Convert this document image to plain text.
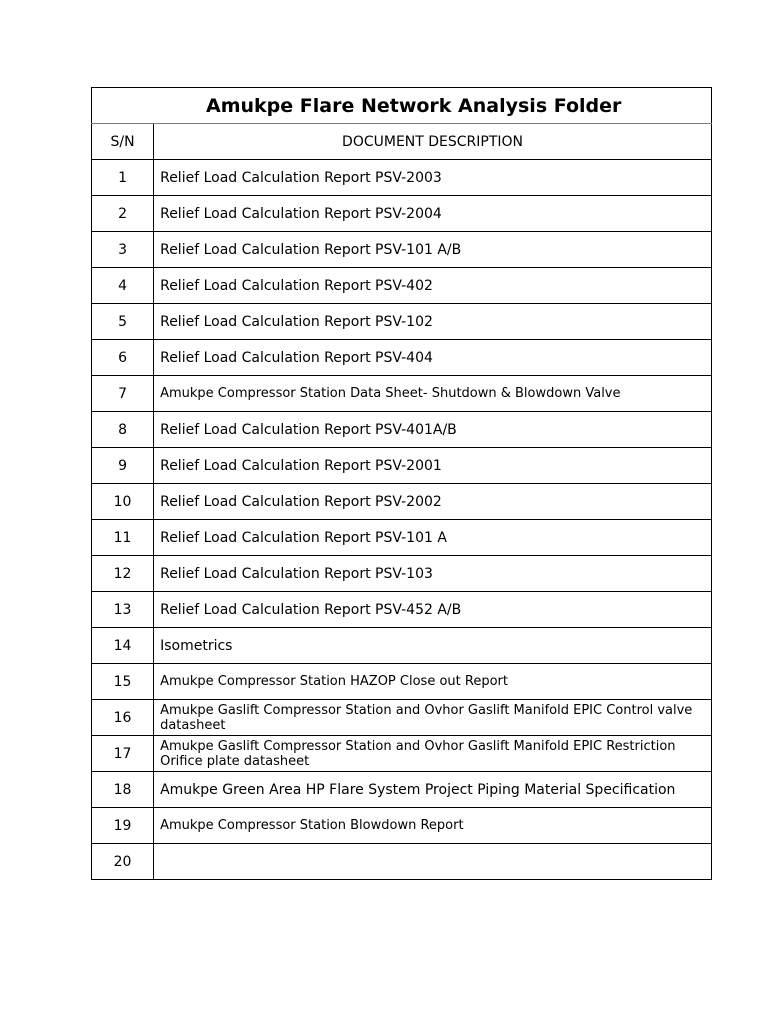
Amukpe Flare Network Analysis Folder	
S/N	DOCUMENT DESCRIPTION
1	Relief Load Calculation Report PSV-2003
2	Relief Load Calculation Report PSV-2004
3	Relief Load Calculation Report PSV-101 A/B
4	Relief Load Calculation Report PSV-402
5	Relief Load Calculation Report PSV-102
6	Relief Load Calculation Report PSV-404
7	Amukpe Compressor Station Data Sheet- Shutdown & Blowdown Valve
8	Relief Load Calculation Report PSV-401A/B
9	Relief Load Calculation Report PSV-2001
10	Relief Load Calculation Report PSV-2002
11	Relief Load Calculation Report PSV-101 A
12	Relief Load Calculation Report PSV-103
13	Relief Load Calculation Report PSV-452 A/B
14	Isometrics
15	Amukpe Compressor Station HAZOP Close out Report
16	Amukpe Gaslift Compressor Station and Ovhor Gaslift Manifold EPIC Control valve datasheet
17	Amukpe Gaslift Compressor Station and Ovhor Gaslift Manifold EPIC Restriction Orifice plate datasheet
18	Amukpe Green Area HP Flare System Project Piping Material Specification
19	Amukpe Compressor Station Blowdown Report
20	
